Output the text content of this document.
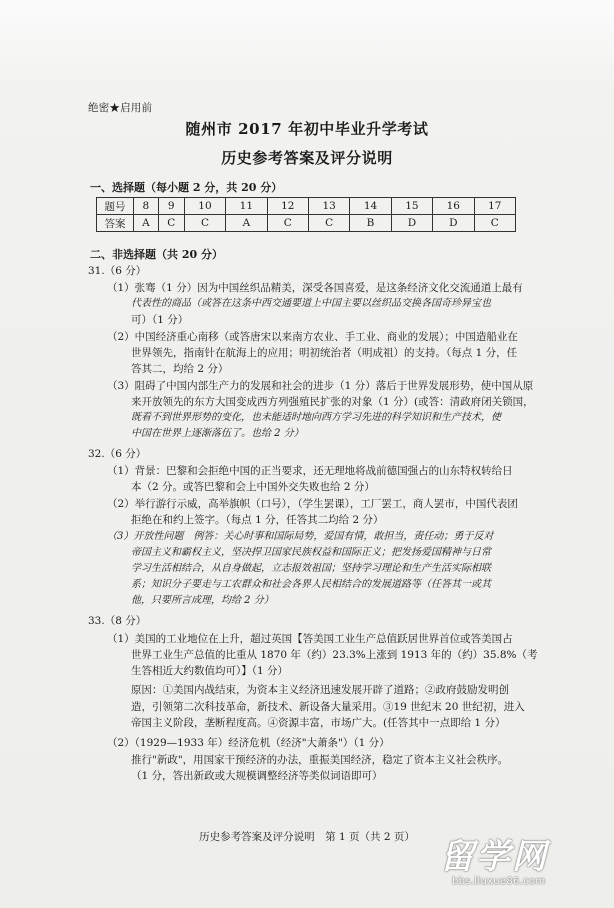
绝密★启用前
随州市 2017 年初中毕业升学考试
历史参考答案及评分说明
一、选择题（每小题 2 分，共 20 分）
题号	8	9	10	11	12	13	14	15	16	17
答案	A	C	C	A	C	C	B	D	D	C
二、非选择题（共 20 分）
31.（6 分）
（1）张骞（1 分）因为中国丝织品精美，深受各国喜爱，是这条经济文化交流通道上最有
代表性的商品（或答在这条中西交通要道上中国主要以丝织品交换各国奇珍异宝也
可）（1 分）
（2）中国经济重心南移（或答唐宋以来南方农业、手工业、商业的发展）；中国造船业在
世界领先，指南针在航海上的应用；明初统治者（明成祖）的支持。（每点 1 分，任
答其二，均给 2 分）
（3）阻碍了中国内部生产力的发展和社会的进步（1 分）落后于世界发展形势，使中国从原
来开放领先的东方大国变成西方列强殖民扩张的对象（1 分）(或答：清政府闭关锁国，
既看不到世界形势的变化，也未能适时地向西方学习先进的科学知识和生产技术，使
中国在世界上逐渐落伍了。也给 2 分）
32.（6 分）
（1）背景：巴黎和会拒绝中国的正当要求，还无理地将战前德国强占的山东特权转给日
本（2 分。或答巴黎和会上中国外交失败也给 2 分）
（2）举行游行示威，高举旗帜（口号），（学生罢课），工厂罢工，商人罢市，中国代表团
拒绝在和约上签字。（每点 1 分，任答其二均给 2 分）
（3）开放性问题　例答：关心时事和国际局势，爱国有情，敢担当，责任动；勇于反对
帝国主义和霸权主义，坚决捍卫国家民族权益和国际正义；把发扬爱国精神与日常
学习生活相结合，从自身做起，立志报效祖国；坚持学习理论和生产生活实际相联
系；知识分子要走与工农群众和社会各界人民相结合的发展道路等（任答其一或其
他，只要所言成理，均给 2 分）
33.（8 分）
（1）美国的工业地位在上升，超过英国【答美国工业生产总值跃居世界首位或答美国占
世界工业生产总值的比重从 1870 年（约）23.3%上涨到 1913 年的（约）35.8%（考
生答相近大约数值均可）】（1 分）
原因：①美国内战结束，为资本主义经济迅速发展开辟了道路；②政府鼓励发明创
造，引领第二次科技革命，新技术、新设备大量采用。③19 世纪末 20 世纪初，进入
帝国主义阶段，垄断程度高。④资源丰富，市场广大。(任答其中一点即给 1 分）
（2）（1929—1933 年）经济危机（经济"大萧条"）（1 分）
推行"新政"，用国家干预经济的办法，重振美国经济，稳定了资本主义社会秩序。
（1 分，答出新政或大规模调整经济等类似词语即可）
历史参考答案及评分说明　第 1 页（共 2 页） 留学网
bbs.liuxue86.com
